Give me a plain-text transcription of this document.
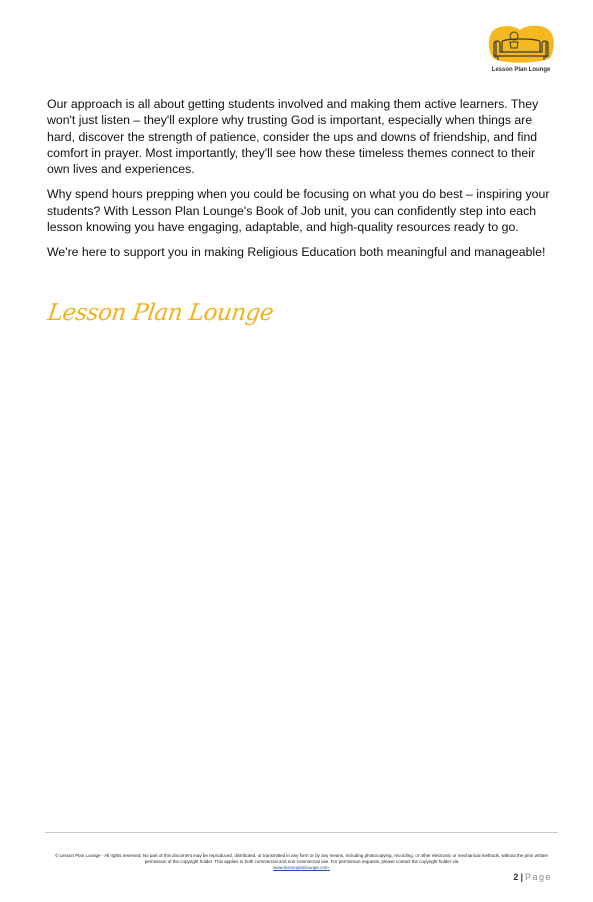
Lesson Plan Lounge

Our approach is all about getting students involved and making them active learners. They won't just listen – they'll explore why trusting God is important, especially when things are hard, discover the strength of patience, consider the ups and downs of friendship, and find comfort in prayer. Most importantly, they'll see how these timeless themes connect to their own lives and experiences.

Why spend hours prepping when you could be focusing on what you do best – inspiring your students? With Lesson Plan Lounge's Book of Job unit, you can confidently step into each lesson knowing you have engaging, adaptable, and high-quality resources ready to go.

We're here to support you in making Religious Education both meaningful and manageable!

Lesson Plan Lounge
© Lesson Plan Lounge - All rights reserved. No part of this document may be reproduced, distributed, or transmitted in any form or by any means, including photocopying, recording, or other electronic or mechanical methods, without the prior written permission of the copyright holder. This applies to both commercial and non-commercial use. For permission requests, please contact the copyright holder via
www.lessonplanlounge.com.
2 | Page
